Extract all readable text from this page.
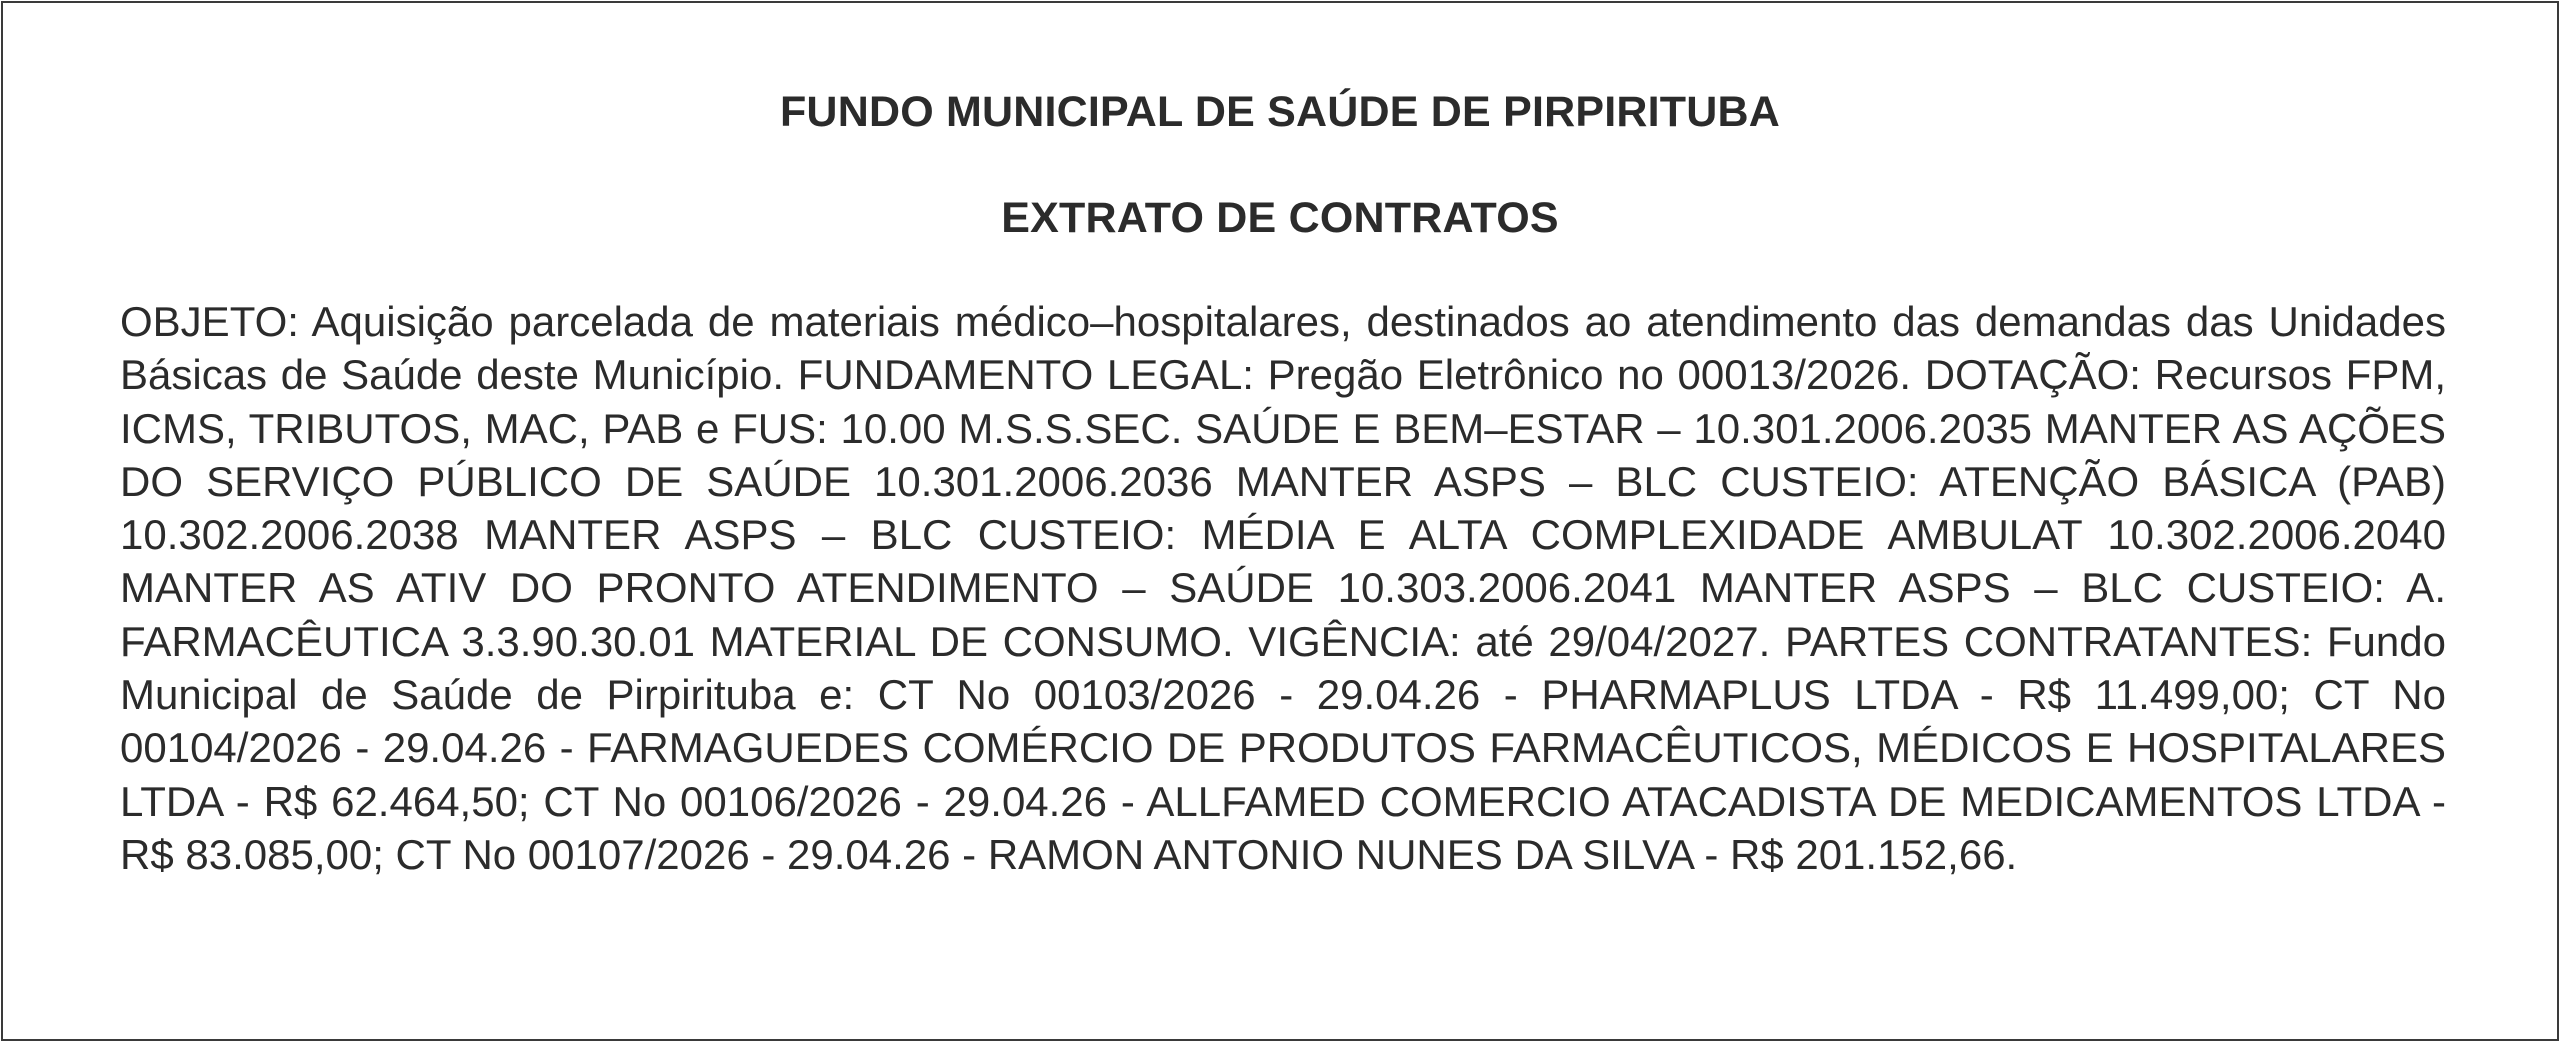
FUNDO MUNICIPAL DE SAÚDE DE PIRPIRITUBA
EXTRATO DE CONTRATOS

OBJETO: Aquisição parcelada de materiais médico–hospitalares, destinados ao atendimento das demandas das Unidades Básicas de Saúde deste Município. FUNDAMENTO LEGAL: Pregão Eletrônico no 00013/2026. DOTAÇÃO: Recursos FPM, ICMS, TRIBUTOS, MAC, PAB e FUS: 10.00 M.S.S.SEC. SAÚDE E BEM–ESTAR – 10.301.2006.2035 MANTER AS AÇÕES DO SERVIÇO PÚBLICO DE SAÚDE 10.301.2006.2036 MANTER ASPS – BLC CUSTEIO: ATENÇÃO BÁSICA (PAB) 10.302.2006.2038 MANTER ASPS – BLC CUSTEIO: MÉDIA E ALTA COMPLEXIDADE AMBULAT 10.302.2006.2040 MANTER AS ATIV DO PRONTO ATENDIMENTO – SAÚDE 10.303.2006.2041 MANTER ASPS – BLC CUSTEIO: A. FARMACÊUTICA 3.3.90.30.01 MATERIAL DE CONSUMO. VIGÊNCIA: até 29/04/2027. PARTES CONTRATANTES: Fundo Municipal de Saúde de Pirpirituba e: CT No 00103/2026 - 29.04.26 - PHARMAPLUS LTDA - R$ 11.499,00; CT No 00104/2026 - 29.04.26 - FARMAGUEDES COMÉRCIO DE PRODUTOS FARMACÊUTICOS, MÉDICOS E HOSPITALARES LTDA - R$ 62.464,50; CT No 00106/2026 - 29.04.26 - ALLFAMED COMERCIO ATACADISTA DE MEDICAMENTOS LTDA - R$ 83.085,00; CT No 00107/2026 - 29.04.26 - RAMON ANTONIO NUNES DA SILVA - R$ 201.152,66.
